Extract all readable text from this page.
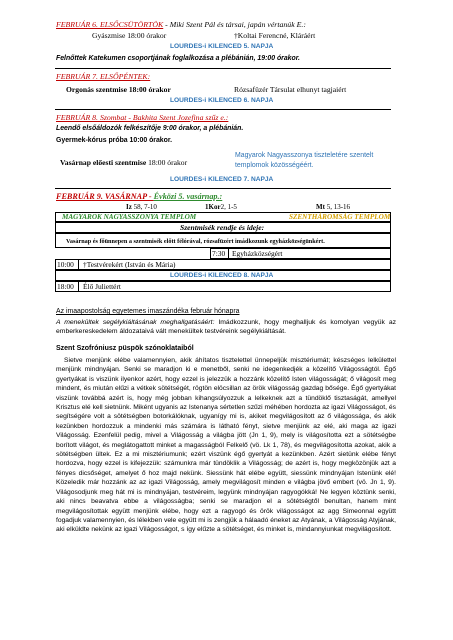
FEBRUÁR 6. ELSŐCSÜTÖRTÖK - Miki Szent Pál és társai, japán vértanúk E.:
Gyászmise 18:00 órakor	†Koltai Ferencné, Kláráért
LOURDES-i KILENCED 5. NAPJA
Felnőttek Katekumen csoportjának foglalkozása a plébánián, 19:00 órakor.
FEBRUÁR 7. ELSŐPÉNTEK:
Orgonás szentmise 18:00 órakor	Rózsafüzér Társulat elhunyt tagjaiért
LOURDES-i KILENCED 6. NAPJA
FEBRUÁR 8. Szombat - Bakhita Szent Jozefina szűz e.:
Leendő elsőáldozók felkészítője 9:00 órakor, a plébánián.
Gyermek-kórus próba 10:00 órakor.
Vasárnap előesti szentmise 18:00 órakor
Magyarok Nagyasszonya tiszteletére szentelt templomok közösségéért.
LOURDES-i KILENCED 7. NAPJA
FEBRUÁR 9. VASÁRNAP - Évközi 5. vasárnap.:
Iz 58, 7-10	1Kor2, 1-5	Mt 5, 13-16
MAGYAROK NAGYASSZONYA TEMPLOM	SZENTHÁROMSÁG TEMPLOM
Szentmisék rendje és ideje:
Vasárnap és főünnepen a szentmisék előtt félórával, rózsafüzért imádkozunk egyházközségünkért.
7:30 Egyházközségért
10:00 †Testvérekért (István és Mária)
LOURDES-i KILENCED 8. NAPJA
18:00 Élő Juliettért
Az imaapostolság egyetemes imaszándéka február hónapra
A menekültek segélykiáltásának meghallgatásáért: Imádkozzunk, hogy meghalljuk és komolyan vegyük az emberkereskedelem áldozataivá vált menekültek testvéreink segélykiáltását.
Szent Szofróniusz püspök szónoklataiból

Sietve menjünk elébe valamennyien, akik áhítatos tisztelettel ünnepeljük misztériumát; készséges lelkülettel menjünk mindnyájan. Senki se maradjon ki e menetből, senki ne idegenkedjék a közelítő Világosságtól. Égő gyertyákat is viszünk ilyenkor azért, hogy ezzel is jelezzük a hozzánk közelítő Isten világosságát; ő világosít meg mindent, és miután elűzi a vétkek sötétségét, rögtön elöcsillan az örök világosság gazdag bősége. Égő gyertyákat viszünk továbbá azért is, hogy még jobban kihangsúlyozzuk a lelkeknek azt a tündöklő tisztaságát, amellyel Krisztus elé kell sietnünk. Miként ugyanis az Istenanya sértetlen szűzi méhében hordozta az igazi Világosságot, és segítségére volt a sötétségben botorkálóknak, ugyanígy mi is, akiket megvilágosított az ő világossága, és akik kezünkben hordozzuk a mindenki más számára is látható fényt, sietve menjünk az elé, aki maga az igazi Világosság. Ezenfelül pedig, mivel a Világosság a világba jött (Jn 1, 9), mely is világosította ezt a sötétségbe borított világot, és meglátogattott minket a magasságból Felkelő (vö. Lk 1, 78), és megvilágosította azokat, akik a sötétségben ültek. Ez a mi misztériumunk; ezért viszünk égő gyertyát a kezünkben. Azért sietünk elébe fényt hordozva, hogy ezzel is kifejezzük: számunkra már tündöklik a Világosság; de azért is, hogy megközönjük azt a fényes dicsőséget, amelyet ő hoz majd nekünk. Siessünk hát elébe együtt, siessünk mindnyájan Istenünk elé! Közeledik már hozzánk az az igazi Világosság, amely megvilágosít minden e világba jövő embert (vö. Jn 1, 9). Világosodjunk meg hát mi is mindnyájan, testvéreim, legyünk mindnyájan ragyogókká! Ne legyen köztünk senki, aki nincs beavatva ebbe a világosságba; senki se maradjon el a sötétségtől benultan, hanem mint megvilágosítottak együtt menjünk elébe, hogy ezt a ragyogó és örök világosságot az agg Simeonnal együtt fogadjuk valamennyien, és lélekben vele együtt mi is zengjük a hálaadó éneket az Atyának, a Világosság Atyjának, aki elküldte nekünk az igazi Világosságot, s így elűzte a sötétséget, és minket is, mindannyiunkat megvilágosított.
